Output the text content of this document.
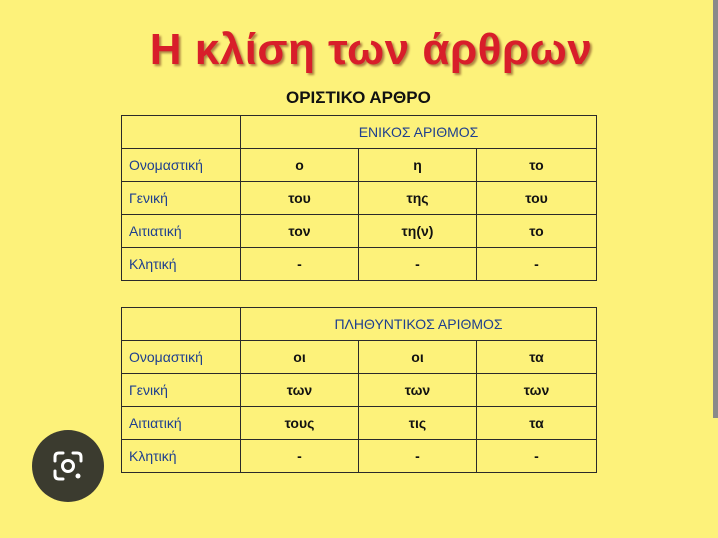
Η κλίση των άρθρων
ΟΡΙΣΤΙΚΟ ΑΡΘΡΟ
	ΕΝΙΚΟΣ ΑΡΙΘΜΟΣ		
Ονομαστική	ο	η	το
Γενική	του	της	του
Αιτιατική	τον	τη(ν)	το
Κλητική	-	-	-
	ΠΛΗΘΥΝΤΙΚΟΣ ΑΡΙΘΜΟΣ		
Ονομαστική	οι	οι	τα
Γενική	των	των	των
Αιτιατική	τους	τις	τα
Κλητική	-	-	-
